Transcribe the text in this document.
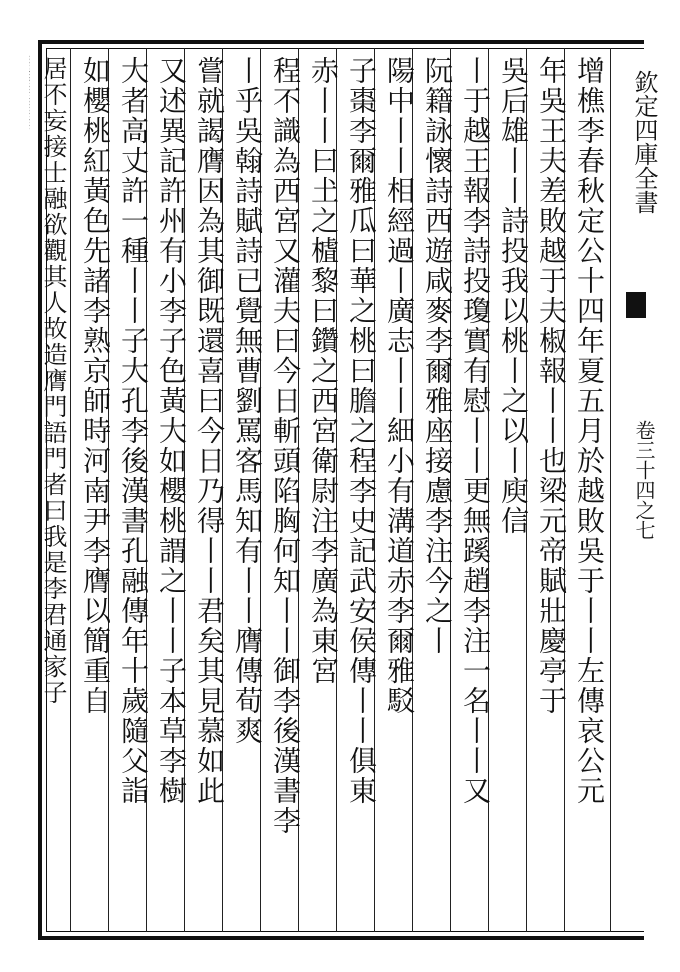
欽定四庫全書
卷三十四之七
增樵李春秋定公十四年夏五月於越敗吳于丨丨左傳哀公元
年吳王夫差敗越于夫椒報丨丨也梁元帝賦壯慶亭于
吳后雄丨丨詩投我以桃丨之以丨庾信
丨于越王報李詩投瓊實有慰丨丨更無蹊趙李注一名丨丨又
阮籍詠懷詩西遊咸麥李爾雅座接慮李注今之丨
陽中丨丨相經過丨廣志丨丨細小有溝道赤李爾雅駁
子棗李爾雅瓜曰華之桃曰膽之程李史記武安侯傳丨丨俱東
赤丨丨曰𡈽之樝黎曰鑽之西宮衛尉注李廣為東宮
程不識為西宮又灌夫曰今日斬頭陷胸何知丨丨御李後漢書李
丨乎吳翰詩賦詩已覺無曹劉罵客馬知有丨丨膺傳荀爽
嘗就謁膺因為其御既還喜曰今日乃得丨丨君矣其見慕如此
又述異記許州有小李子色黃大如櫻桃謂之丨丨子本草李樹
大者高丈許一種丨丨子大孔李後漢書孔融傳年十歲隨父詣
如櫻桃紅黃色先諸李熟京師時河南尹李膺以簡重自
居不妄接士融欲觀其人故造膺門語門者曰我是李君通家子
弟門者言之膺請融問曰高明祖父嘗與僕有恩舊乎融曰然先
